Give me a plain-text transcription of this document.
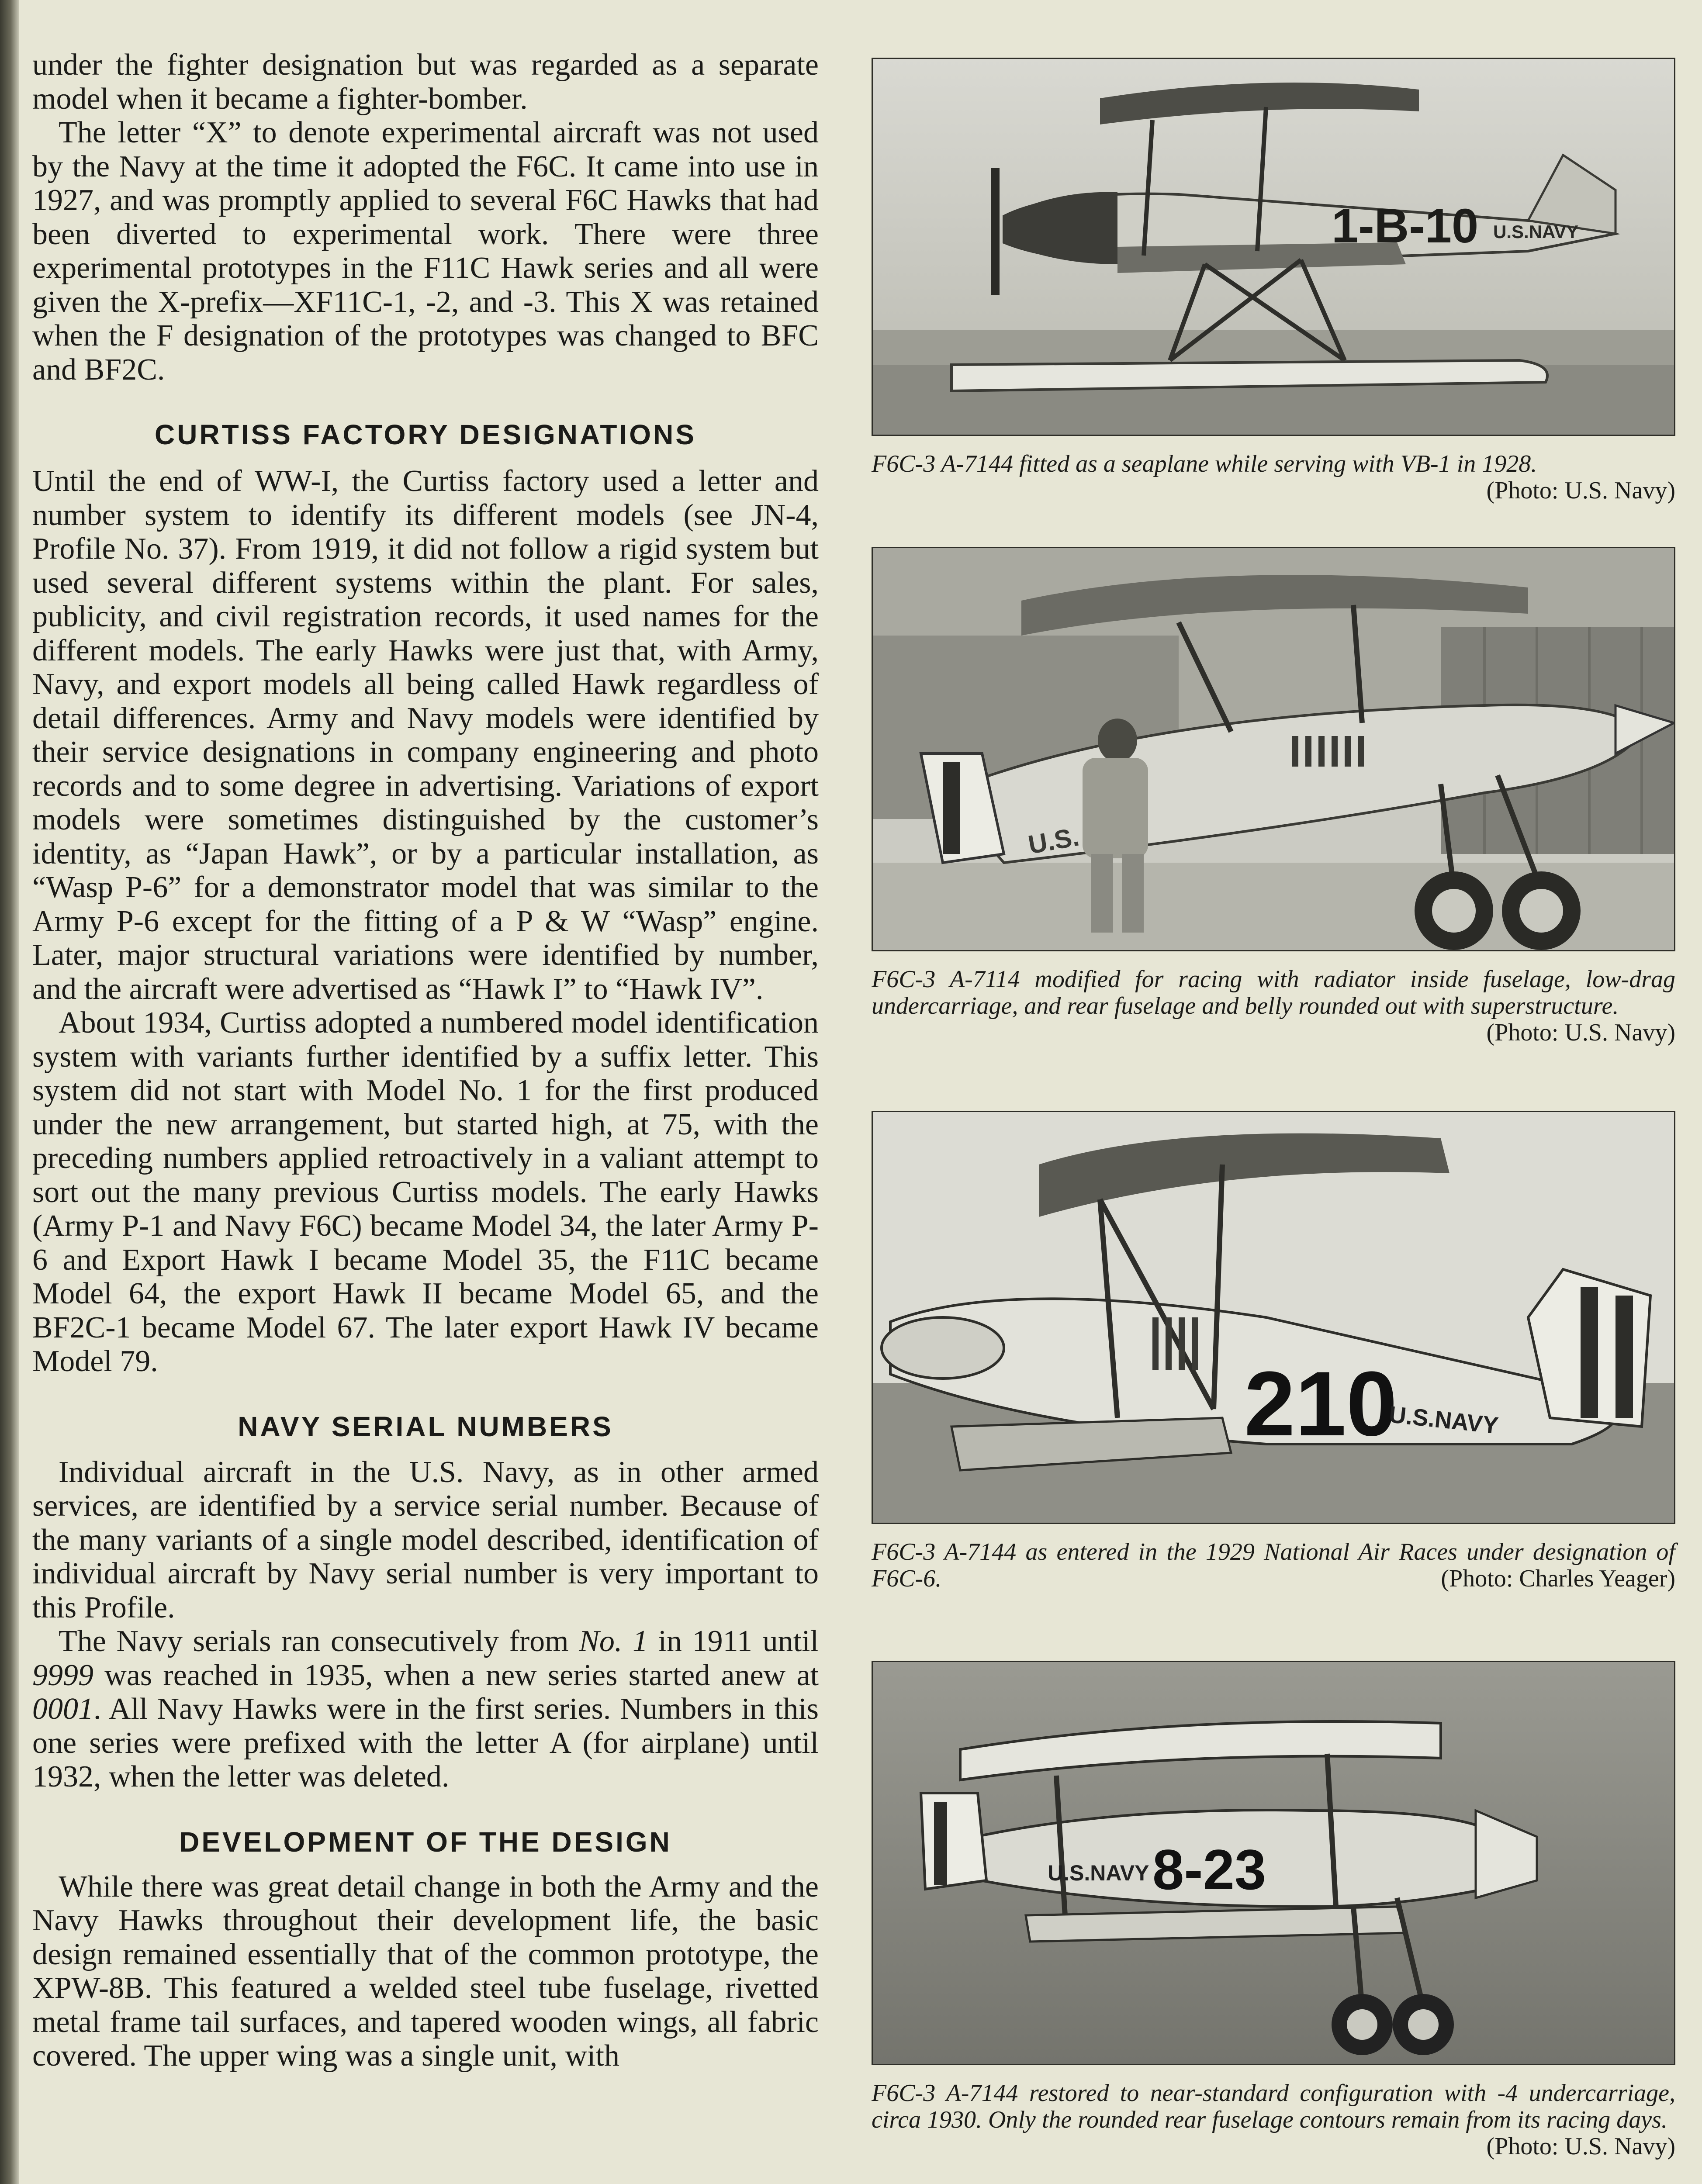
under the fighter designation but was regarded as a separate model when it became a fighter-bomber.

The letter “X” to denote experimental aircraft was not used by the Navy at the time it adopted the F6C. It came into use in 1927, and was promptly applied to several F6C Hawks that had been diverted to experimental work. There were three experimental prototypes in the F11C Hawk series and all were given the X-prefix—XF11C-1, -2, and -3. This X was retained when the F designation of the prototypes was changed to BFC and BF2C.

CURTISS FACTORY DESIGNATIONS

Until the end of WW-I, the Curtiss factory used a letter and number system to identify its different models (see JN-4, Profile No. 37). From 1919, it did not follow a rigid system but used several different systems within the plant. For sales, publicity, and civil registration records, it used names for the different models. The early Hawks were just that, with Army, Navy, and export models all being called Hawk regardless of detail differences. Army and Navy models were identified by their service designations in company engineering and photo records and to some degree in advertising. Variations of export models were sometimes distinguished by the customer’s identity, as “Japan Hawk”, or by a particular installation, as “Wasp P-6” for a demonstrator model that was similar to the Army P-6 except for the fitting of a P & W “Wasp” engine. Later, major structural variations were identified by number, and the aircraft were advertised as “Hawk I” to “Hawk IV”.

About 1934, Curtiss adopted a numbered model identification system with variants further identified by a suffix letter. This system did not start with Model No. 1 for the first produced under the new arrangement, but started high, at 75, with the preceding numbers applied retroactively in a valiant attempt to sort out the many previous Curtiss models. The early Hawks (Army P-1 and Navy F6C) became Model 34, the later Army P-6 and Export Hawk I became Model 35, the F11C became Model 64, the export Hawk II became Model 65, and the BF2C-1 became Model 67. The later export Hawk IV became Model 79.

NAVY SERIAL NUMBERS

Individual aircraft in the U.S. Navy, as in other armed services, are identified by a service serial number. Because of the many variants of a single model described, identification of individual aircraft by Navy serial number is very important to this Profile.

The Navy serials ran consecutively from No. 1 in 1911 until 9999 was reached in 1935, when a new series started anew at 0001. All Navy Hawks were in the first series. Numbers in this one series were prefixed with the letter A (for airplane) until 1932, when the letter was deleted.

DEVELOPMENT OF THE DESIGN

While there was great detail change in both the Army and the Navy Hawks throughout their development life, the basic design remained essentially that of the common prototype, the XPW-8B. This featured a welded steel tube fuselage, rivetted metal frame tail surfaces, and tapered wooden wings, all fabric covered. The upper wing was a single unit, with

1-B-10 U.S.NAVY
F6C-3 A-7144 fitted as a seaplane while serving with VB-1 in 1928.
(Photo: U.S. Navy)
U.S.
F6C-3 A-7114 modified for racing with radiator inside fuselage, low-drag undercarriage, and rear fuselage and belly rounded out with superstructure.
(Photo: U.S. Navy)
210
U.S.NAVY
F6C-3 A-7144 as entered in the 1929 National Air Races under designation of F6C-6.	(Photo: Charles Yeager)
8-23
U.S.NAVY
F6C-3 A-7144 restored to near-standard configuration with -4 undercarriage, circa 1930. Only the rounded rear fuselage contours remain from its racing days.
(Photo: U.S. Navy)
